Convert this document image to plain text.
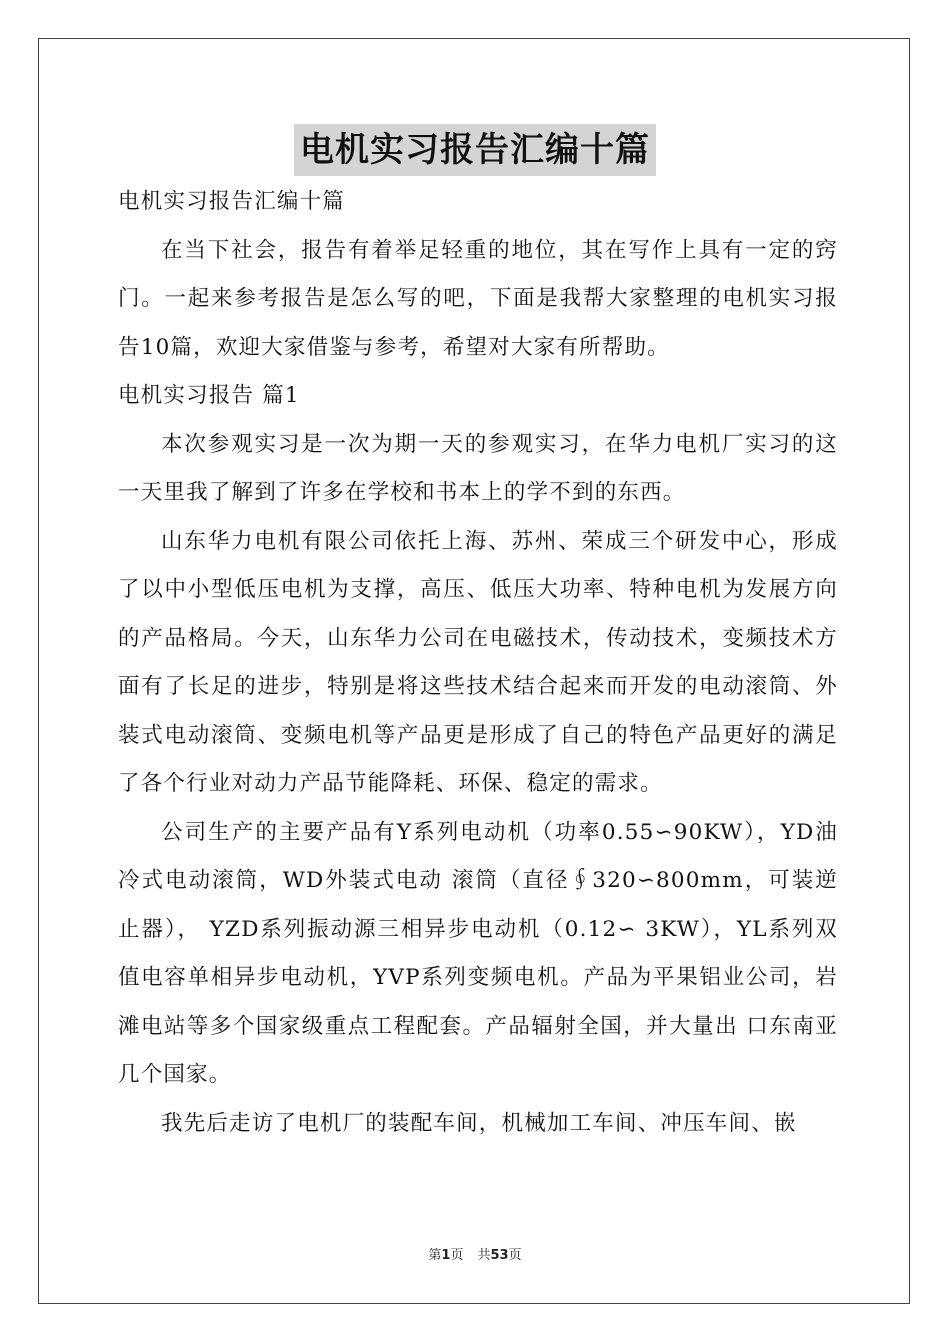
电机实习报告汇编十篇

电机实习报告汇编十篇

在当下社会，报告有着举足轻重的地位，其在写作上具有一定的窍门。一起来参考报告是怎么写的吧，下面是我帮大家整理的电机实习报告10篇，欢迎大家借鉴与参考，希望对大家有所帮助。

电机实习报告 篇1

本次参观实习是一次为期一天的参观实习，在华力电机厂实习的这一天里我了解到了许多在学校和书本上的学不到的东西。

山东华力电机有限公司依托上海、苏州、荣成三个研发中心，形成了以中小型低压电机为支撑，高压、低压大功率、特种电机为发展方向的产品格局。今天，山东华力公司在电磁技术，传动技术，变频技术方面有了长足的进步，特别是将这些技术结合起来而开发的电动滚筒、外装式电动滚筒、变频电机等产品更是形成了自己的特色产品更好的满足了各个行业对动力产品节能降耗、环保、稳定的需求。

公司生产的主要产品有Y系列电动机（功率0.55∽90KW），YD油冷式电动滚筒，WD外装式电动 滚筒（直径∮320∽800mm，可装逆止器）， YZD系列振动源三相异步电动机（0.12∽ 3KW），YL系列双值电容单相异步电动机，YVP系列变频电机。产品为平果铝业公司，岩滩电站等多个国家级重点工程配套。产品辐射全国，并大量出 口东南亚几个国家。

我先后走访了电机厂的装配车间，机械加工车间、冲压车间、嵌

第1页 共53页
